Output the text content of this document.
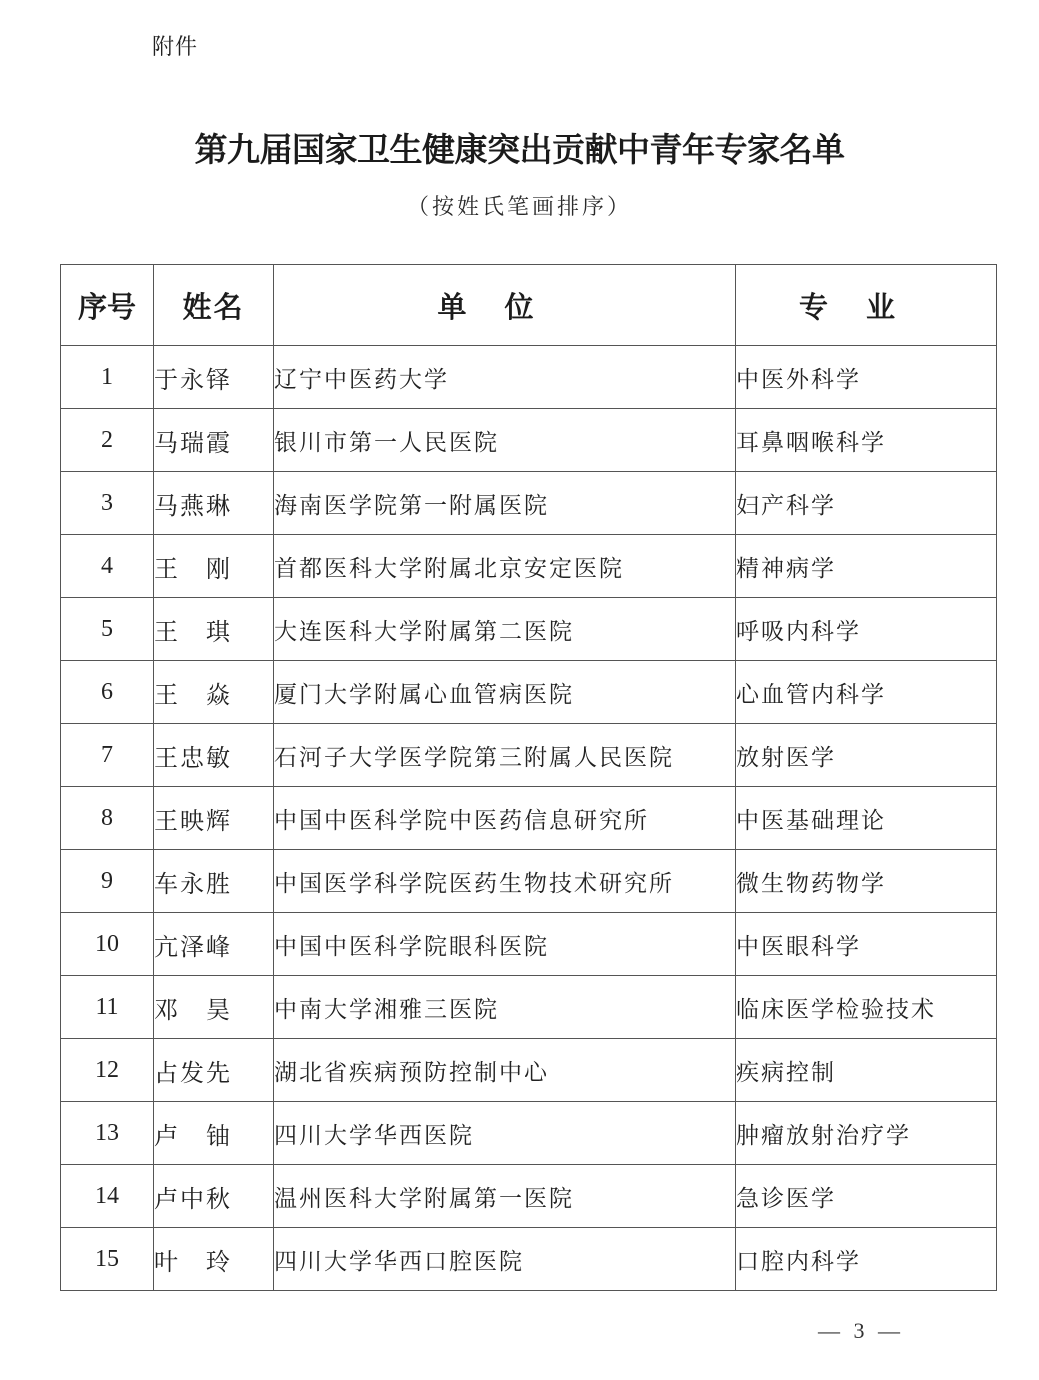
附件
第九届国家卫生健康突出贡献中青年专家名单
（按姓氏笔画排序）
序号	姓名	单位	专业
1	于永铎	辽宁中医药大学	中医外科学
2	马瑞霞	银川市第一人民医院	耳鼻咽喉科学
3	马燕琳	海南医学院第一附属医院	妇产科学
4	王　刚	首都医科大学附属北京安定医院	精神病学
5	王　琪	大连医科大学附属第二医院	呼吸内科学
6	王　焱	厦门大学附属心血管病医院	心血管内科学
7	王忠敏	石河子大学医学院第三附属人民医院	放射医学
8	王映辉	中国中医科学院中医药信息研究所	中医基础理论
9	车永胜	中国医学科学院医药生物技术研究所	微生物药物学
10	亢泽峰	中国中医科学院眼科医院	中医眼科学
11	邓　昊	中南大学湘雅三医院	临床医学检验技术
12	占发先	湖北省疾病预防控制中心	疾病控制
13	卢　铀	四川大学华西医院	肿瘤放射治疗学
14	卢中秋	温州医科大学附属第一医院	急诊医学
15	叶　玲	四川大学华西口腔医院	口腔内科学
— 3 —
